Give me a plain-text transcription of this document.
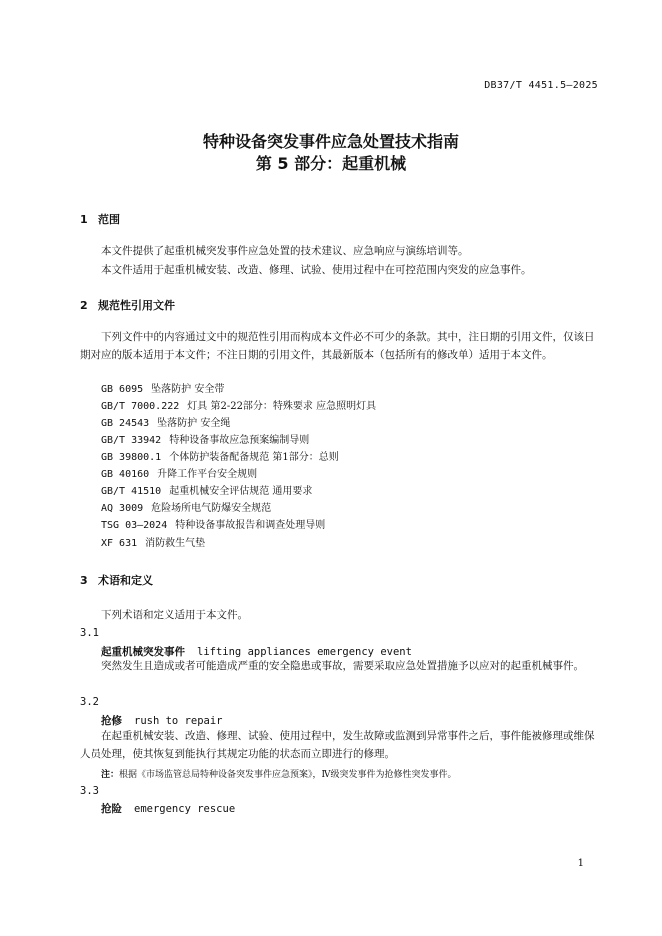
DB37/T 4451.5—2025
特种设备突发事件应急处置技术指南
第 5 部分：起重机械
1 范围
本文件提供了起重机械突发事件应急处置的技术建议、应急响应与演练培训等。
本文件适用于起重机械安装、改造、修理、试验、使用过程中在可控范围内突发的应急事件。
2 规范性引用文件
下列文件中的内容通过文中的规范性引用而构成本文件必不可少的条款。其中，注日期的引用文件，仅该日期对应的版本适用于本文件；不注日期的引用文件，其最新版本（包括所有的修改单）适用于本文件。
GB 6095 坠落防护 安全带
GB/T 7000.222 灯具 第2-22部分：特殊要求 应急照明灯具
GB 24543 坠落防护 安全绳
GB/T 33942 特种设备事故应急预案编制导则
GB 39800.1 个体防护装备配备规范 第1部分：总则
GB 40160 升降工作平台安全规则
GB/T 41510 起重机械安全评估规范 通用要求
AQ 3009 危险场所电气防爆安全规范
TSG 03—2024 特种设备事故报告和调查处理导则
XF 631 消防救生气垫
3 术语和定义
下列术语和定义适用于本文件。
3.1
起重机械突发事件 lifting appliances emergency event
突然发生且造成或者可能造成严重的安全隐患或事故，需要采取应急处置措施予以应对的起重机械事件。
3.2
抢修 rush to repair
在起重机械安装、改造、修理、试验、使用过程中，发生故障或监测到异常事件之后，事件能被修理或维保人员处理，使其恢复到能执行其规定功能的状态而立即进行的修理。
注：根据《市场监管总局特种设备突发事件应急预案》，Ⅳ级突发事件为抢修性突发事件。
3.3
抢险 emergency rescue
1
